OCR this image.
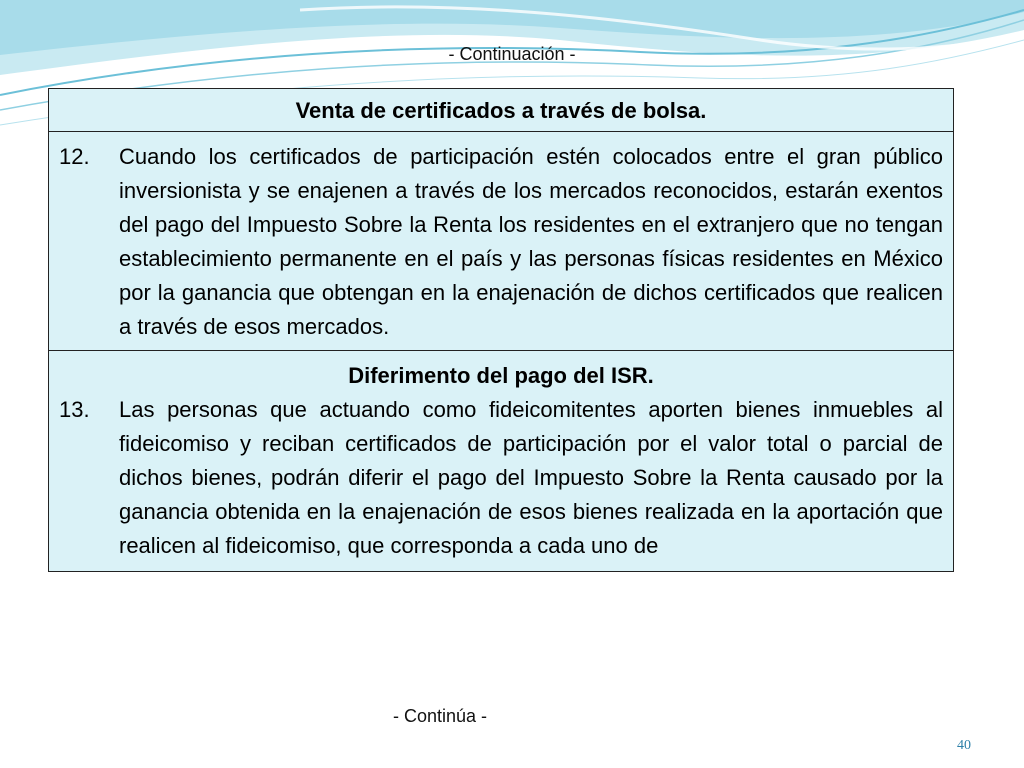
- Continuación -
Venta de certificados a través de bolsa.
12.	Cuando los certificados de participación estén colocados entre el gran público inversionista y se enajenen a través de los mercados reconocidos, estarán exentos del pago del Impuesto Sobre la Renta los residentes en el extranjero que no tengan establecimiento permanente en el país y las personas físicas residentes en México por la ganancia que obtengan en la enajenación de dichos certificados que realicen a través de esos mercados.
Diferimento del pago del ISR.
13.	Las personas que actuando como fideicomitentes aporten bienes inmuebles al fideicomiso y reciban certificados de participación por el valor total o parcial de dichos bienes, podrán diferir el pago del Impuesto Sobre la Renta causado por la ganancia obtenida en la enajenación de esos bienes realizada en la aportación que realicen al fideicomiso, que corresponda a cada uno de
- Continúa -
40
